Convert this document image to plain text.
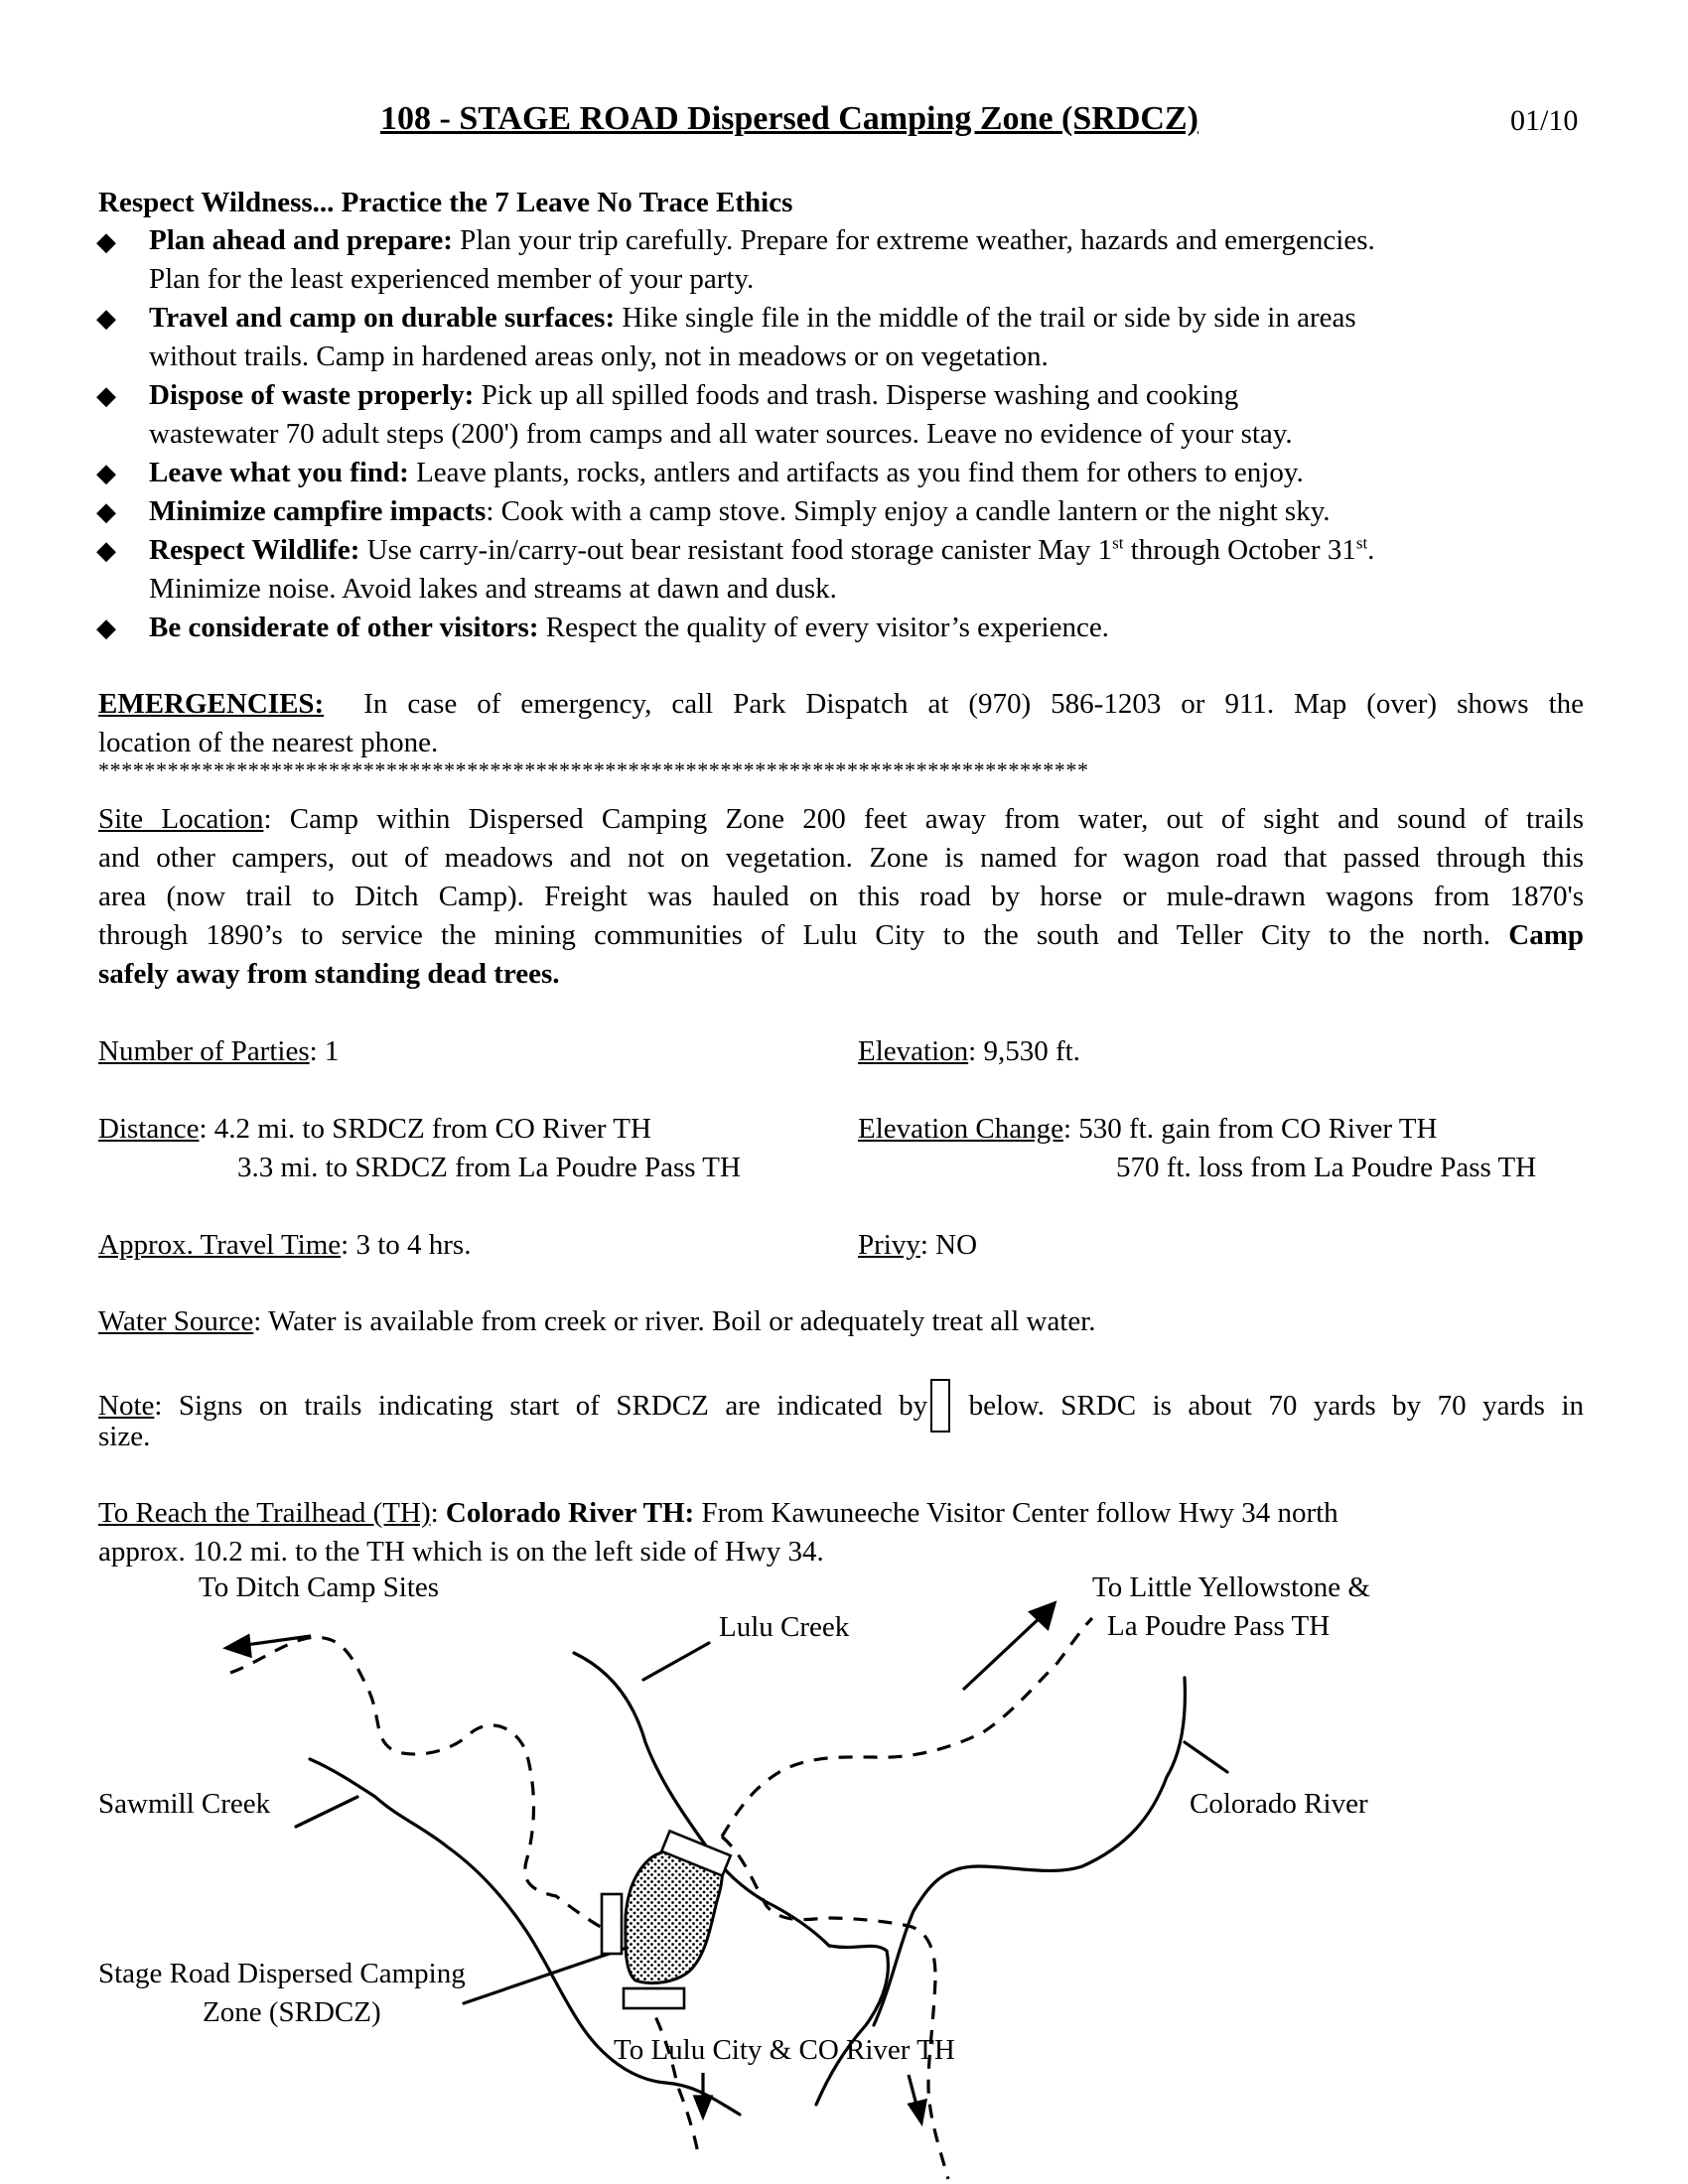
108 - STAGE ROAD Dispersed Camping Zone (SRDCZ)	01/10
Respect Wildness... Practice the 7 Leave No Trace Ethics
◆
◆
◆
◆
◆
◆
◆
Plan ahead and prepare: Plan your trip carefully. Prepare for extreme weather, hazards and emergencies.
Plan for the least experienced member of your party.
Travel and camp on durable surfaces: Hike single file in the middle of the trail or side by side in areas
without trails. Camp in hardened areas only, not in meadows or on vegetation.
Dispose of waste properly: Pick up all spilled foods and trash. Disperse washing and cooking
wastewater 70 adult steps (200') from camps and all water sources. Leave no evidence of your stay.
Leave what you find: Leave plants, rocks, antlers and artifacts as you find them for others to enjoy.
Minimize campfire impacts: Cook with a camp stove. Simply enjoy a candle lantern or the night sky.
Respect Wildlife: Use carry-in/carry-out bear resistant food storage canister May 1st through October 31st.
Minimize noise. Avoid lakes and streams at dawn and dusk.
Be considerate of other visitors: Respect the quality of every visitor’s experience.
EMERGENCIES: In case of emergency, call Park Dispatch at (970) 586-1203 or 911. Map (over) shows the
location of the nearest phone.
**************************************************************************************
Site Location: Camp within Dispersed Camping Zone 200 feet away from water, out of sight and sound of trails
and other campers, out of meadows and not on vegetation. Zone is named for wagon road that passed through this
area (now trail to Ditch Camp). Freight was hauled on this road by horse or mule-drawn wagons from 1870's
through 1890’s to service the mining communities of Lulu City to the south and Teller City to the north. Camp
safely away from standing dead trees.
Number of Parties: 1	Elevation: 9,530 ft.
Distance: 4.2 mi. to SRDCZ from CO River TH
3.3 mi. to SRDCZ from La Poudre Pass TH
Elevation Change: 530 ft. gain from CO River TH
570 ft. loss from La Poudre Pass TH
Approx. Travel Time: 3 to 4 hrs.	Privy: NO
Water Source: Water is available from creek or river. Boil or adequately treat all water.
Note: Signs on trails indicating start of SRDCZ are indicated by below. SRDC is about 70 yards by 70 yards in
size.
To Reach the Trailhead (TH): Colorado River TH: From Kawuneeche Visitor Center follow Hwy 34 north
approx. 10.2 mi. to the TH which is on the left side of Hwy 34.
To Ditch Camp Sites
Lulu Creek
To Little Yellowstone &
La Poudre Pass TH
Sawmill Creek	Colorado River
Stage Road Dispersed Camping
Zone (SRDCZ)
To Lulu City & CO River TH
